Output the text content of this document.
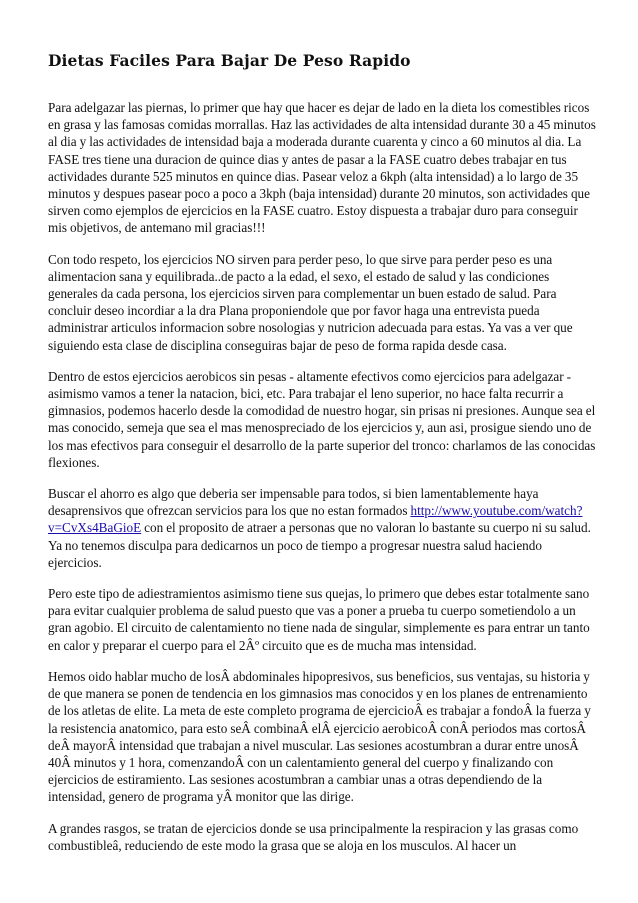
Dietas Faciles Para Bajar De Peso Rapido

Para adelgazar las piernas, lo primer que hay que hacer es dejar de lado en la dieta los comestibles ricos en grasa y las famosas comidas morrallas. Haz las actividades de alta intensidad durante 30 a 45 minutos al dia y las actividades de intensidad baja a moderada durante cuarenta y cinco a 60 minutos al dia. La FASE tres tiene una duracion de quince dias y antes de pasar a la FASE cuatro debes trabajar en tus actividades durante 525 minutos en quince dias. Pasear veloz a 6kph (alta intensidad) a lo largo de 35 minutos y despues pasear poco a poco a 3kph (baja intensidad) durante 20 minutos, son actividades que sirven como ejemplos de ejercicios en la FASE cuatro. Estoy dispuesta a trabajar duro para conseguir mis objetivos, de antemano mil gracias!!!

Con todo respeto, los ejercicios NO sirven para perder peso, lo que sirve para perder peso es una alimentacion sana y equilibrada..de pacto a la edad, el sexo, el estado de salud y las condiciones generales da cada persona, los ejercicios sirven para complementar un buen estado de salud. Para concluir deseo incordiar a la dra Plana proponiendole que por favor haga una entrevista pueda administrar articulos informacion sobre nosologias y nutricion adecuada para estas. Ya vas a ver que siguiendo esta clase de disciplina conseguiras bajar de peso de forma rapida desde casa.

Dentro de estos ejercicios aerobicos sin pesas - altamente efectivos como ejercicios para adelgazar - asimismo vamos a tener la natacion, bici, etc. Para trabajar el leno superior, no hace falta recurrir a gimnasios, podemos hacerlo desde la comodidad de nuestro hogar, sin prisas ni presiones. Aunque sea el mas conocido, semeja que sea el mas menospreciado de los ejercicios y, aun asi, prosigue siendo uno de los mas efectivos para conseguir el desarrollo de la parte superior del tronco: charlamos de las conocidas flexiones.

Buscar el ahorro es algo que deberia ser impensable para todos, si bien lamentablemente haya desaprensivos que ofrezcan servicios para los que no estan formados http://www.youtube.com/watch?v=CvXs4BaGioE con el proposito de atraer a personas que no valoran lo bastante su cuerpo ni su salud. Ya no tenemos disculpa para dedicarnos un poco de tiempo a progresar nuestra salud haciendo ejercicios.

Pero este tipo de adiestramientos asimismo tiene sus quejas, lo primero que debes estar totalmente sano para evitar cualquier problema de salud puesto que vas a poner a prueba tu cuerpo sometiendolo a un gran agobio. El circuito de calentamiento no tiene nada de singular, simplemente es para entrar un tanto en calor y preparar el cuerpo para el 2Âº circuito que es de mucha mas intensidad.

Hemos oido hablar mucho de losÂ abdominales hipopresivos, sus beneficios, sus ventajas, su historia y de que manera se ponen de tendencia en los gimnasios mas conocidos y en los planes de entrenamiento de los atletas de elite. La meta de este completo programa de ejercicioÂ es trabajar a fondoÂ la fuerza y la resistencia anatomico, para esto seÂ combinaÂ elÂ ejercicio aerobicoÂ conÂ periodos mas cortosÂ deÂ mayorÂ intensidad que trabajan a nivel muscular. Las sesiones acostumbran a durar entre unosÂ 40Â minutos y 1 hora, comenzandoÂ con un calentamiento general del cuerpo y finalizando con ejercicios de estiramiento. Las sesiones acostumbran a cambiar unas a otras dependiendo de la intensidad, genero de programa yÂ monitor que las dirige.

A grandes rasgos, se tratan de ejercicios donde se usa principalmente la respiracion y las grasas como combustibleâ, reduciendo de este modo la grasa que se aloja en los musculos. Al hacer un
